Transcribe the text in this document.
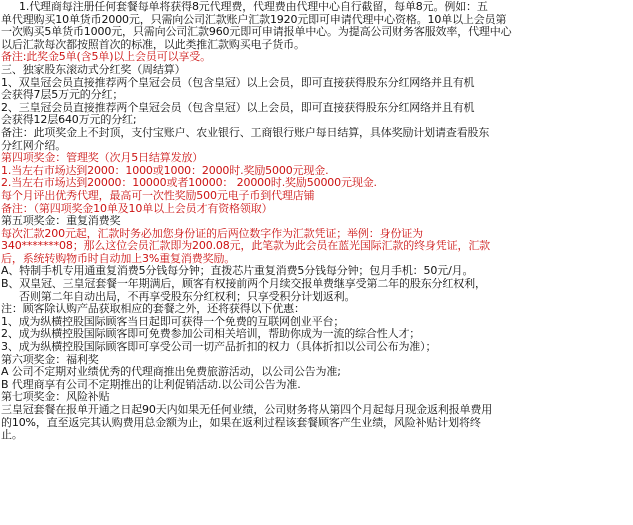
1.代理商每注册任何套餐每单将获得8元代理费，代理费由代理中心自行截留，每单8元。例如：五
单代理购买10单货币2000元，只需向公司汇款账户汇款1920元即可申请代理中心资格。10单以上会员第
一次购买5单货币1000元，只需向公司汇款960元即可申请报单中心。为提高公司财务客服效率，代理中心
以后汇款每次都按照首次的标准，以此类推汇款购买电子货币。
备注:此奖金5单(含5单)以上会员可以享受。
三、独家股东滚动式分红奖（周结算）
1、双皇冠会员直接推荐两个皇冠会员（包含皇冠）以上会员，即可直接获得股东分红网络并且有机
会获得7层5万元的分红；
2、三皇冠会员直接推荐两个皇冠会员（包含皇冠）以上会员，即可直接获得股东分红网络并且有机
会获得12层640万元的分红;
备注：此项奖金上不封顶，支付宝账户、农业银行、工商银行账户每日结算，具体奖励计划请查看股东
分红网介绍。
第四项奖金：管理奖（次月5日结算发放）
1.当左右市场达到2000：1000或1000：2000时.奖励5000元现金.
2.当左右市场达到20000：10000或者10000： 20000时.奖励50000元现金.
每个月评出优秀代理，最高可一次性奖励500元电子币到代理店铺
备注：（第四项奖金10单及10单以上会员才有资格领取）
第五项奖金：重复消费奖
每次汇款200元起，汇款时务必加您身份证的后两位数字作为汇款凭证；举例：身份证为
340*******08；那么这位会员汇款即为200.08元，此笔款为此会员在蓝光国际汇款的终身凭证，汇款
后，系统转购物币时自动加上3%重复消费奖励。
A、特制手机专用通重复消费5分钱每分钟；直拨芯片重复消费5分钱每分钟；包月手机：50元/月。
B、双皇冠、三皇冠套餐一年期满后，顾客有权接前两个月续交报单费继享受第二年的股东分红权利，
否则第二年自动出局，不再享受股东分红权利；只享受积分计划返利。
注：顾客除认购产品获取相应的套餐之外，还将获得以下优惠：
1、成为纵横控股国际顾客当日起即可获得一个免费的互联网创业平台；
2、成为纵横控股国际顾客即可免费参加公司相关培训，帮助你成为一流的综合性人才；
3、成为纵横控股国际顾客即可享受公司一切产品折扣的权力（具体折扣以公司公布为准）；
第六项奖金：福利奖
A 公司不定期对业绩优秀的代理商推出免费旅游活动，以公司公告为准;
B 代理商享有公司不定期推出的让利促销活动.以公司公告为准.
第七项奖金：风险补贴
三皇冠套餐在报单开通之日起90天内如果无任何业绩，公司财务将从第四个月起每月现金返利报单费用
的10%，直至返完其认购费用总金额为止，如果在返利过程该套餐顾客产生业绩，风险补贴计划将终
止。
